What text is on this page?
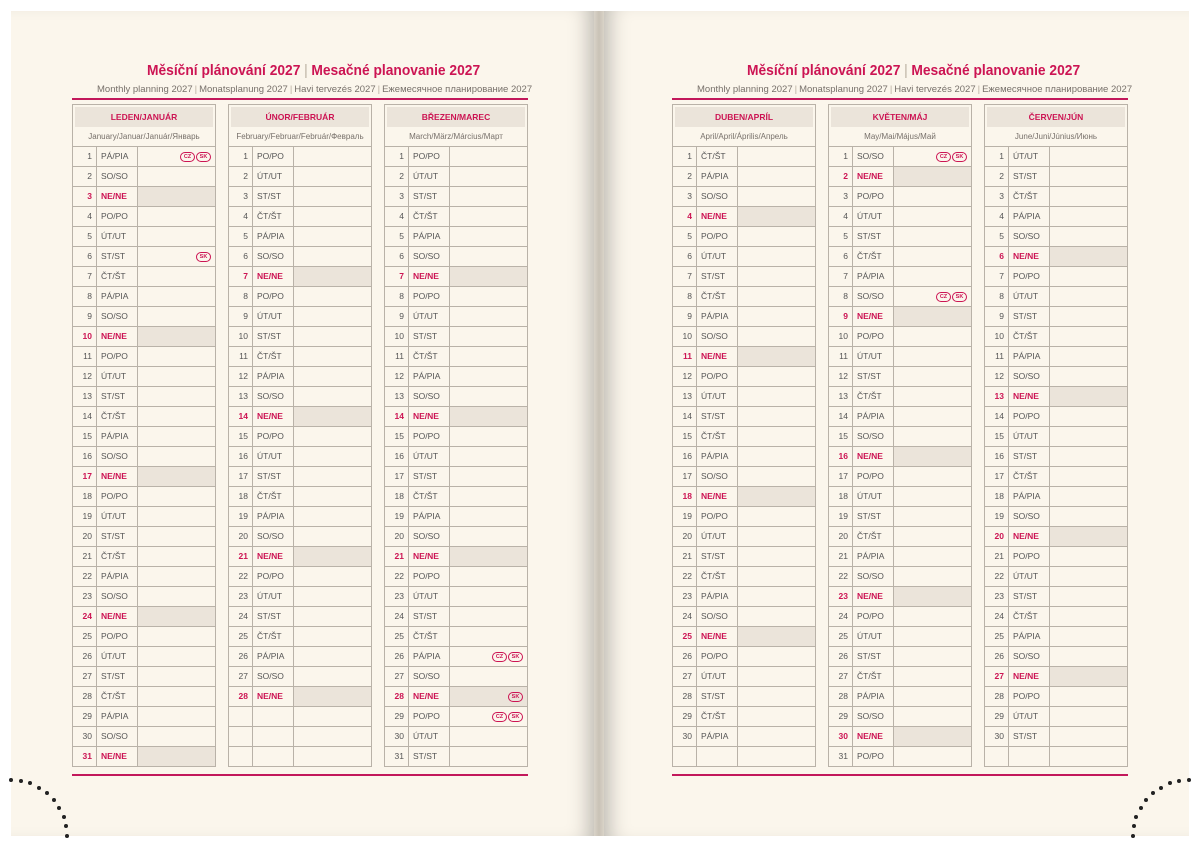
Měsíční plánování 2027 | Mesačné planovanie 2027
Monthly planning 2027 | Monatsplanung 2027 | Havi tervezés 2027 | Ежемесячное планирование 2027
Měsíční plánování 2027 | Mesačné planovanie 2027
Monthly planning 2027 | Monatsplanung 2027 | Havi tervezés 2027 | Ежемесячное планирование 2027
LEDEN/JANUÁR
January/Januar/Január/Январь
1	PÁ/PIA	CZ	SK
2	SO/SO
3	NE/NE
4	PO/PO
5	ÚT/UT
6	ST/ST	SK
7	ČT/ŠT
8	PÁ/PIA
9	SO/SO
10	NE/NE
11	PO/PO
12	ÚT/UT
13	ST/ST
14	ČT/ŠT
15	PÁ/PIA
16	SO/SO
17	NE/NE
18	PO/PO
19	ÚT/UT
20	ST/ST
21	ČT/ŠT
22	PÁ/PIA
23	SO/SO
24	NE/NE
25	PO/PO
26	ÚT/UT
27	ST/ST
28	ČT/ŠT
29	PÁ/PIA
30	SO/SO
31	NE/NE
ÚNOR/FEBRUÁR
February/Februar/Február/Февраль
1	PO/PO
2	ÚT/UT
3	ST/ST
4	ČT/ŠT
5	PÁ/PIA
6	SO/SO
7	NE/NE
8	PO/PO
9	ÚT/UT
10	ST/ST
11	ČT/ŠT
12	PÁ/PIA
13	SO/SO
14	NE/NE
15	PO/PO
16	ÚT/UT
17	ST/ST
18	ČT/ŠT
19	PÁ/PIA
20	SO/SO
21	NE/NE
22	PO/PO
23	ÚT/UT
24	ST/ST
25	ČT/ŠT
26	PÁ/PIA
27	SO/SO
28	NE/NE
BŘEZEN/MAREC
March/März/Március/Март
1	PO/PO
2	ÚT/UT
3	ST/ST
4	ČT/ŠT
5	PÁ/PIA
6	SO/SO
7	NE/NE
8	PO/PO
9	ÚT/UT
10	ST/ST
11	ČT/ŠT
12	PÁ/PIA
13	SO/SO
14	NE/NE
15	PO/PO
16	ÚT/UT
17	ST/ST
18	ČT/ŠT
19	PÁ/PIA
20	SO/SO
21	NE/NE
22	PO/PO
23	ÚT/UT
24	ST/ST
25	ČT/ŠT
26	PÁ/PIA	CZ	SK
27	SO/SO
28	NE/NE	SK
29	PO/PO	CZ	SK
30	ÚT/UT
31	ST/ST
DUBEN/APRÍL
April/April/Április/Апрель
1	ČT/ŠT
2	PÁ/PIA
3	SO/SO
4	NE/NE
5	PO/PO
6	ÚT/UT
7	ST/ST
8	ČT/ŠT
9	PÁ/PIA
10	SO/SO
11	NE/NE
12	PO/PO
13	ÚT/UT
14	ST/ST
15	ČT/ŠT
16	PÁ/PIA
17	SO/SO
18	NE/NE
19	PO/PO
20	ÚT/UT
21	ST/ST
22	ČT/ŠT
23	PÁ/PIA
24	SO/SO
25	NE/NE
26	PO/PO
27	ÚT/UT
28	ST/ST
29	ČT/ŠT
30	PÁ/PIA
KVĚTEN/MÁJ
May/Mai/Május/Май
1	SO/SO	CZ	SK
2	NE/NE
3	PO/PO
4	ÚT/UT
5	ST/ST
6	ČT/ŠT
7	PÁ/PIA
8	SO/SO	CZ	SK
9	NE/NE
10	PO/PO
11	ÚT/UT
12	ST/ST
13	ČT/ŠT
14	PÁ/PIA
15	SO/SO
16	NE/NE
17	PO/PO
18	ÚT/UT
19	ST/ST
20	ČT/ŠT
21	PÁ/PIA
22	SO/SO
23	NE/NE
24	PO/PO
25	ÚT/UT
26	ST/ST
27	ČT/ŠT
28	PÁ/PIA
29	SO/SO
30	NE/NE
31	PO/PO
ČERVEN/JÚN
June/Juni/Június/Июнь
1	ÚT/UT
2	ST/ST
3	ČT/ŠT
4	PÁ/PIA
5	SO/SO
6	NE/NE
7	PO/PO
8	ÚT/UT
9	ST/ST
10	ČT/ŠT
11	PÁ/PIA
12	SO/SO
13	NE/NE
14	PO/PO
15	ÚT/UT
16	ST/ST
17	ČT/ŠT
18	PÁ/PIA
19	SO/SO
20	NE/NE
21	PO/PO
22	ÚT/UT
23	ST/ST
24	ČT/ŠT
25	PÁ/PIA
26	SO/SO
27	NE/NE
28	PO/PO
29	ÚT/UT
30	ST/ST
